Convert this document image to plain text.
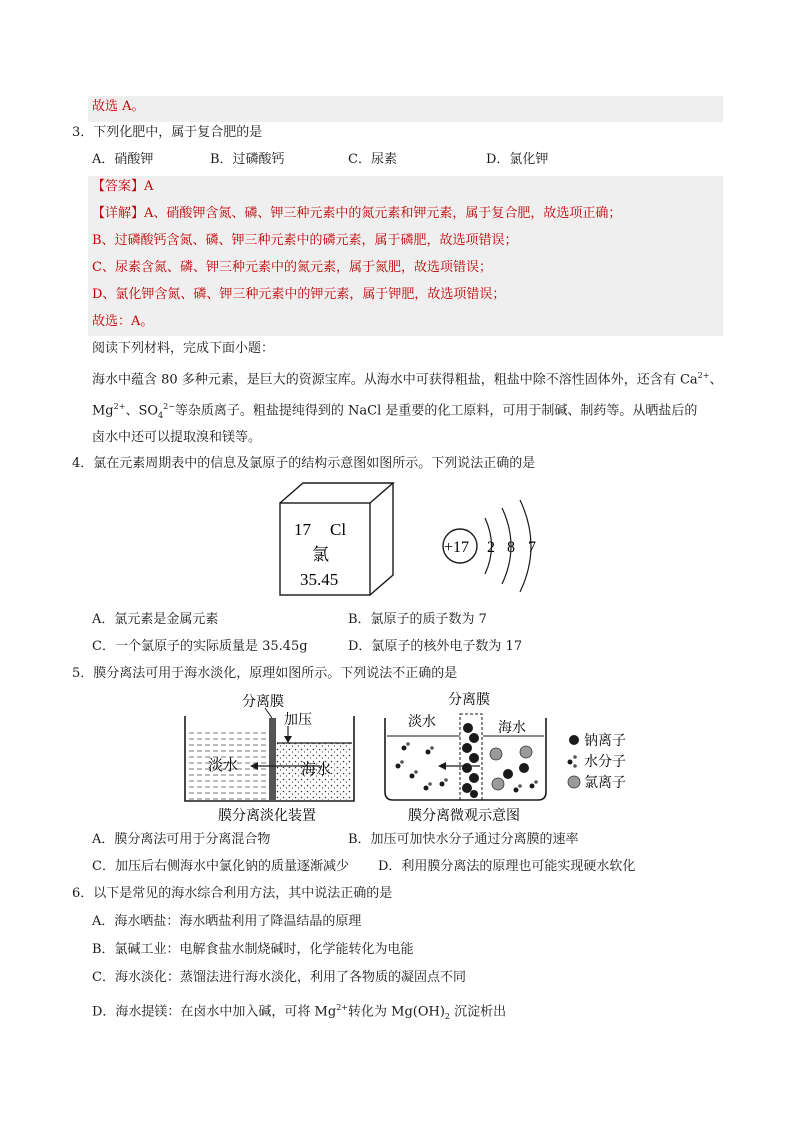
故选 A。
3．下列化肥中，属于复合肥的是
A．硝酸钾	B．过磷酸钙	C．尿素	D．氯化钾
【答案】A
【详解】A、硝酸钾含氮、磷、钾三种元素中的氮元素和钾元素，属于复合肥，故选项正确；
B、过磷酸钙含氮、磷、钾三种元素中的磷元素，属于磷肥，故选项错误；
C、尿素含氮、磷、钾三种元素中的氮元素，属于氮肥，故选项错误；
D、氯化钾含氮、磷、钾三种元素中的钾元素，属于钾肥，故选项错误；
故选：A。
阅读下列材料，完成下面小题：
海水中蕴含 80 多种元素，是巨大的资源宝库。从海水中可获得粗盐，粗盐中除不溶性固体外，还含有 $Ca^{2+}$、
$Mg^{2+}$、$SO_4^{2-}$等杂质离子。粗盐提纯得到的 NaCl 是重要的化工原料，可用于制碱、制药等。从晒盐后的
卤水中还可以提取溴和镁等。
4．氯在元素周期表中的信息及氯原子的结构示意图如图所示。下列说法正确的是
17 Cl
氯
35.45
+17 2 8 7
A．氯元素是金属元素	B．氯原子的质子数为 7
C．一个氯原子的实际质量是 35.45g	D．氯原子的核外电子数为 17
5．膜分离法可用于海水淡化，原理如图所示。下列说法不正确的是
分离膜
加压
淡水	海水
膜分离淡化装置
分离膜
淡水	海水
膜分离微观示意图
钠离子
水分子
氯离子
A．膜分离法可用于分离混合物	B．加压可加快水分子通过分离膜的速率
C．加压后右侧海水中氯化钠的质量逐渐减少 D．利用膜分离法的原理也可能实现硬水软化
6．以下是常见的海水综合利用方法，其中说法正确的是
A．海水晒盐：海水晒盐利用了降温结晶的原理
B．氯碱工业：电解食盐水制烧碱时，化学能转化为电能
C．海水淡化：蒸馏法进行海水淡化，利用了各物质的凝固点不同
D．海水提镁：在卤水中加入碱，可将 $Mg^{2+}$转化为 $Mg(OH)_2$ 沉淀析出
